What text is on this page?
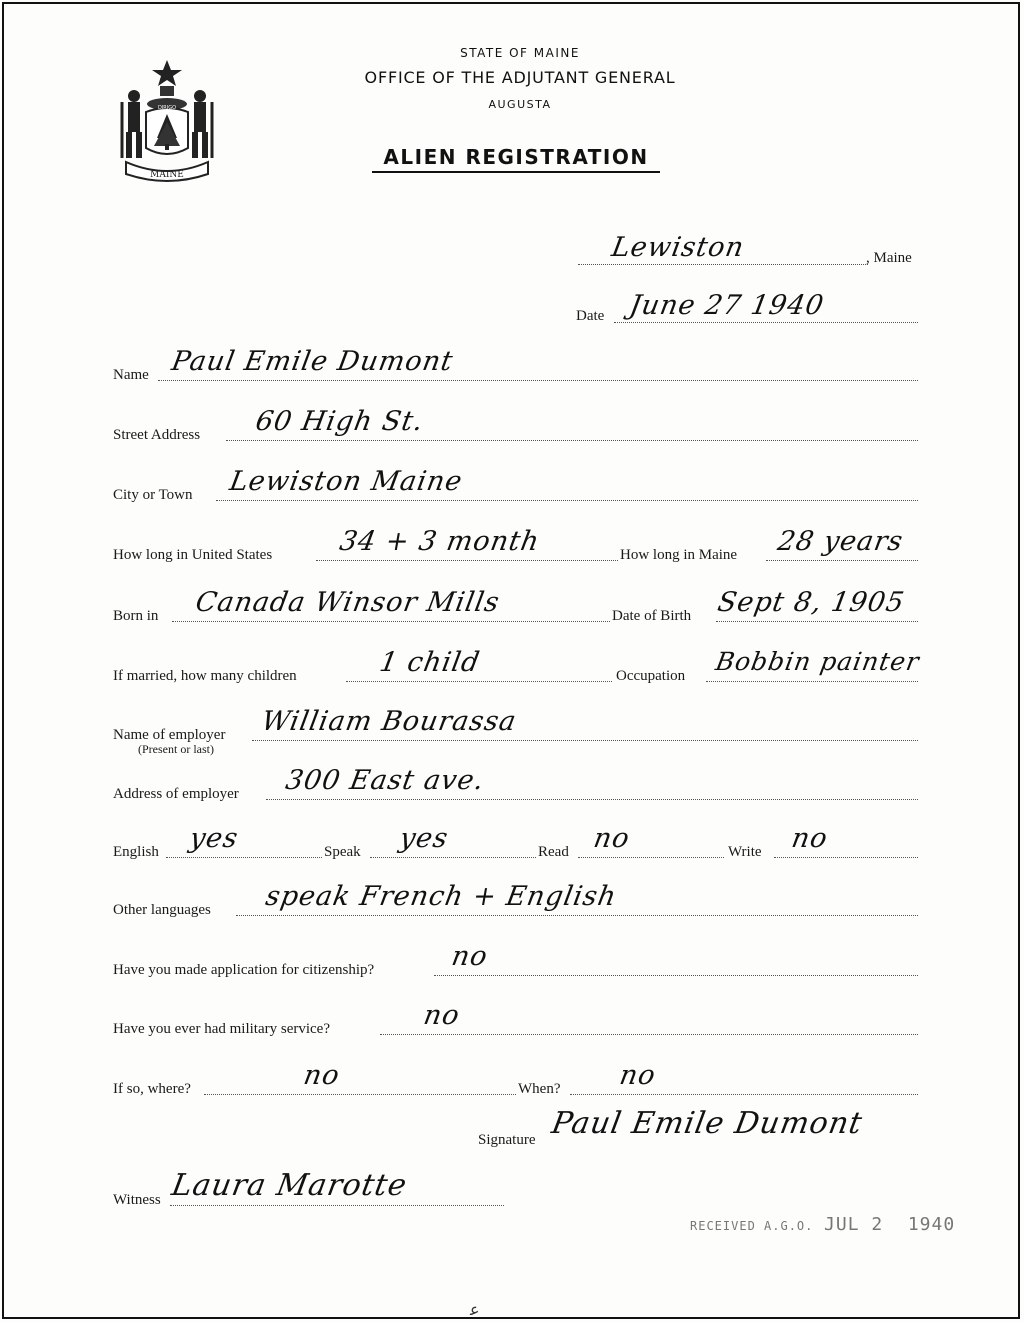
MAINE
DIRIGO
STATE OF MAINE
OFFICE OF THE ADJUTANT GENERAL
AUGUSTA
ALIEN REGISTRATION
Lewiston	, Maine
Date June 27 1940
Name Paul Emile Dumont
Street Address 60 High St.
City or Town Lewiston Maine
How long in United States 34 + 3 month	How long in Maine 28 years
Born in Canada Winsor Mills	Date of Birth Sept 8, 1905
If married, how many children	1 child	Occupation Bobbin painter
Name of employer
(Present or last)
William Bourassa
Address of employer 300 East ave.
English yes	Speak yes	Read no	Write no
Other languages speak French + English
Have you made application for citizenship?	no
Have you ever had military service?	no
If so, where?	no	When? no
Signature Paul Emile Dumont
Witness Laura Marotte
RECEIVED A.G.O. JUL 2 1940
ﻋ
